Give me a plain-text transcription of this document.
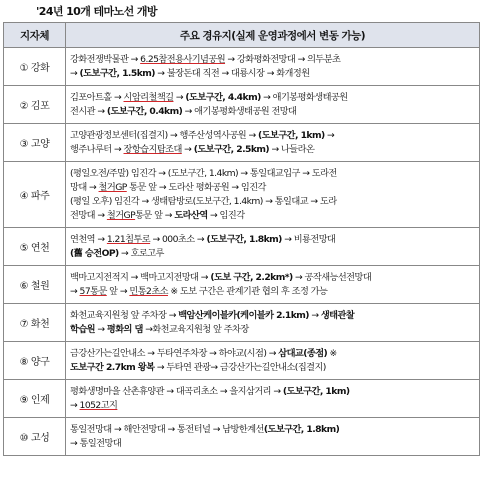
'24년 10개 테마노선 개방
지자체	주요 경유지(실제 운영과정에서 변동 가능)
① 강화	강화전쟁박물관 → 6.25참전용사기념공원 → 강화평화전망대 → 의두분초
→ (도보구간, 1.5km) → 불장돈대 직전 → 대룡시장 → 화개정원

② 김포	김포아트홀 → 시암리철책길 → (도보구간, 4.4km) → 애기봉평화생태공원
전시관 → (도보구간, 0.4km) → 애기봉평화생태공원 전망대

③ 고양	고양관광정보센터(집결지) → 행주산성역사공원 → (도보구간, 1km) →
행주나루터 → 장항습지탐조대 → (도보구간, 2.5km) → 나들라온

④ 파주	(평일오전/주말) 임진각 → (도보구간, 1.4km) → 통일대교입구 → 도라전
망대 → 철거GP 통문 앞 → 도라산 평화공원 → 임진각
(평일 오후) 임진각 → 생태탐방로(도보구간, 1.4km) → 통일대교 → 도라
전망대 → 철거GP통문 앞 → 도라산역 → 임진각

⑤ 연천	연천역 → 1.21침투로 → 000초소 → (도보구간, 1.8km) → 비룡전망대
(舊 승전OP) → 호로고루

⑥ 철원	백마고지전적지 → 백마고지전망대 → (도보 구간, 2.2km*) → 공작새능선전망대
→ 57통문 앞 → 민통2초소 ※ 도보 구간은 관계기관 협의 후 조정 가능

⑦ 화천	화천교육지원청 앞 주차장 → 백암산케이블카(케이블카 2.1km) → 생태관찰
학습원 → 평화의 댐 →화천교육지원청 앞 주차장

⑧ 양구	금강산가는길안내소 → 두타연주차장 → 하야교(시점) → 삼대교(종점) ※
도보구간 2.7km 왕복 → 두타연 관광→ 금강산가는길안내소(집결지)

⑨ 인제	평화생명마을 산촌휴양관 → 대곡리초소 → 을지삼거리 → (도보구간, 1km)
→ 1052고지

⑩ 고성	통일전망대 → 해안전망대 → 통전터널 → 남방한계선(도보구간, 1.8km)
→ 통일전망대
